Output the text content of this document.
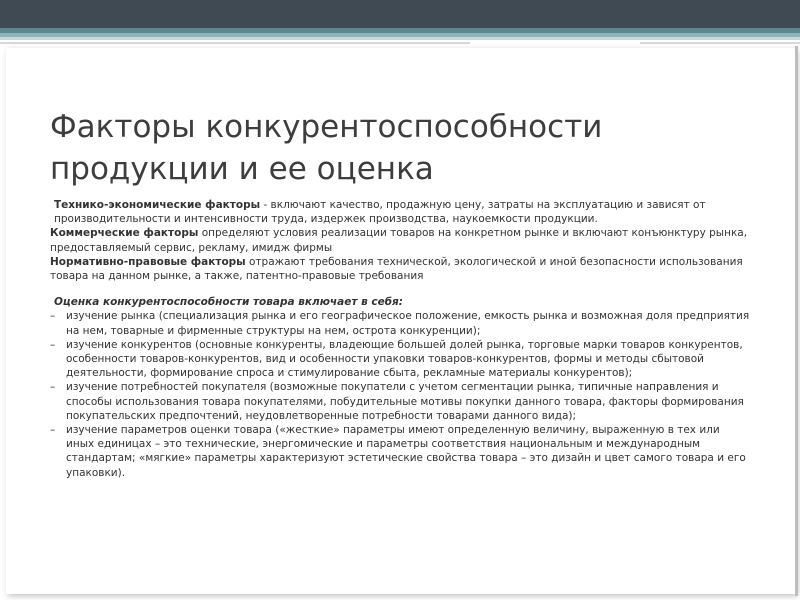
Факторы конкурентоспособности
продукции и ее оценка

Технико-экономические факторы - включают качество, продажную цену, затраты на эксплуатацию и зависят от производительности и интенсивности труда, издержек производства, наукоемкости продукции.

Коммерческие факторы определяют условия реализации товаров на конкретном рынке и включают конъюнктуру рынка, предоставляемый сервис, рекламу, имидж фирмы

Нормативно-правовые факторы отражают требования технической, экологической и иной безопасности использования товара на данном рынке, а также, патентно-правовые требования

Оценка конкурентоспособности товара включает в себя:

– изучение рынка (специализация рынка и его географическое положение, емкость рынка и возможная доля предприятия на нем, товарные и фирменные структуры на нем, острота конкуренции);

– изучение конкурентов (основные конкуренты, владеющие большей долей рынка, торговые марки товаров конкурентов, особенности товаров-конкурентов, вид и особенности упаковки товаров-конкурентов, формы и методы сбытовой деятельности, формирование спроса и стимулирование сбыта, рекламные материалы конкурентов);

– изучение потребностей покупателя (возможные покупатели с учетом сегментации рынка, типичные направления и способы использования товара покупателями, побудительные мотивы покупки данного товара, факторы формирования покупательских предпочтений, неудовлетворенные потребности товарами данного вида);

– изучение параметров оценки товара («жесткие» параметры имеют определенную величину, выраженную в тех или иных единицах – это технические, энергомические и параметры соответствия национальным и международным стандартам; «мягкие» параметры характеризуют эстетические свойства товара – это дизайн и цвет самого товара и его упаковки).
